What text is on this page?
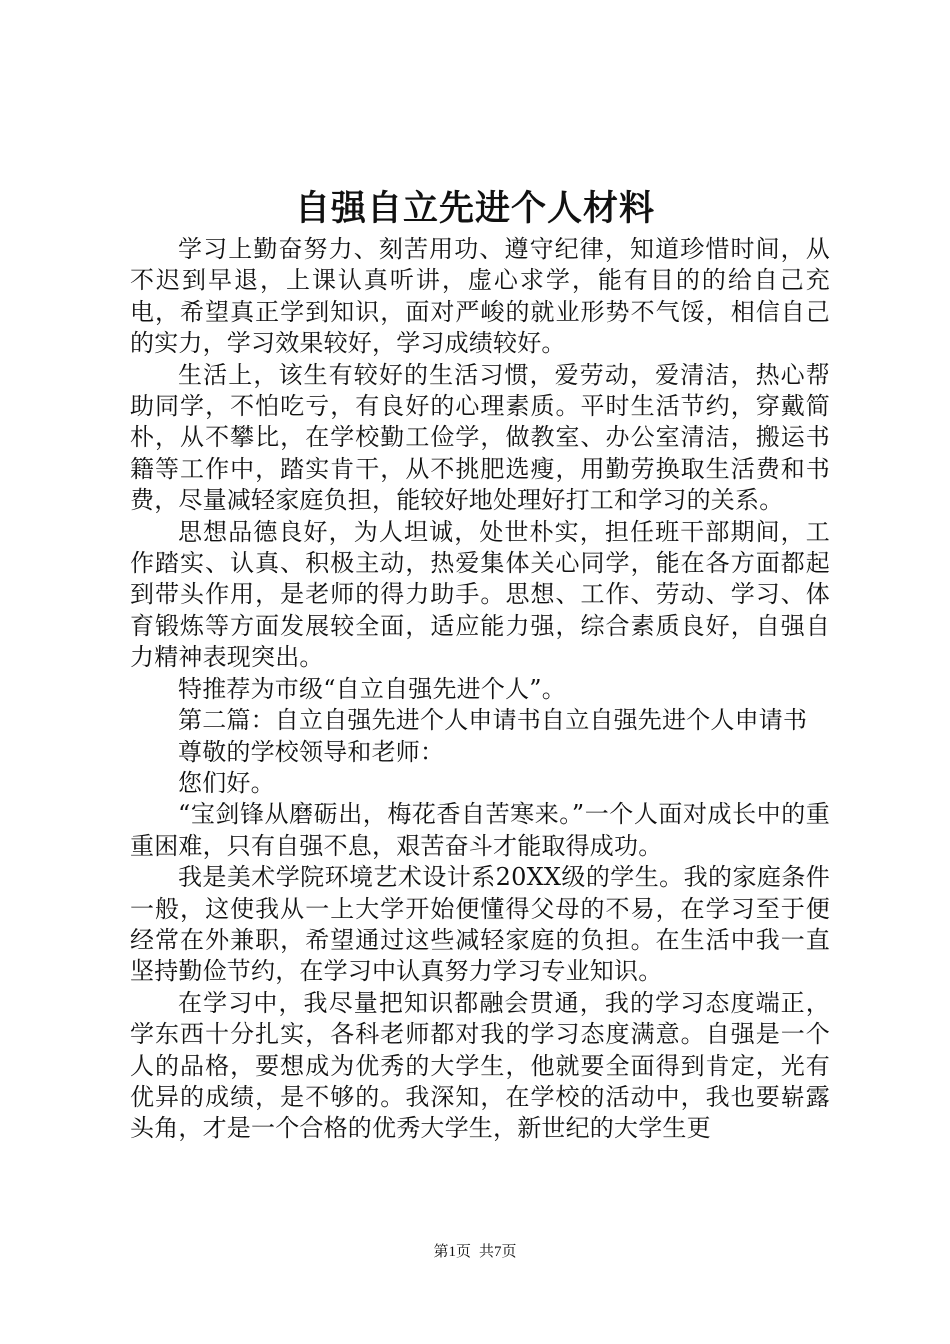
自强自立先进个人材料

学习上勤奋努力、刻苦用功、遵守纪律，知道珍惜时间，从不迟到早退，上课认真听讲，虚心求学，能有目的的给自己充电，希望真正学到知识，面对严峻的就业形势不气馁，相信自己的实力，学习效果较好，学习成绩较好。

生活上，该生有较好的生活习惯，爱劳动，爱清洁，热心帮助同学，不怕吃亏，有良好的心理素质。平时生活节约，穿戴简朴，从不攀比，在学校勤工俭学，做教室、办公室清洁，搬运书籍等工作中，踏实肯干，从不挑肥选瘦，用勤劳换取生活费和书费，尽量减轻家庭负担，能较好地处理好打工和学习的关系。

思想品德良好，为人坦诚，处世朴实，担任班干部期间，工作踏实、认真、积极主动，热爱集体关心同学，能在各方面都起到带头作用，是老师的得力助手。思想、工作、劳动、学习、体育锻炼等方面发展较全面，适应能力强，综合素质良好，自强自力精神表现突出。

特推荐为市级“自立自强先进个人”。

第二篇：自立自强先进个人申请书自立自强先进个人申请书

尊敬的学校领导和老师：

您们好。

“宝剑锋从磨砺出，梅花香自苦寒来。”一个人面对成长中的重重困难，只有自强不息，艰苦奋斗才能取得成功。

我是美术学院环境艺术设计系20XX级的学生。我的家庭条件一般，这使我从一上大学开始便懂得父母的不易，在学习至于便经常在外兼职，希望通过这些减轻家庭的负担。在生活中我一直坚持勤俭节约，在学习中认真努力学习专业知识。

在学习中，我尽量把知识都融会贯通，我的学习态度端正，学东西十分扎实，各科老师都对我的学习态度满意。自强是一个人的品格，要想成为优秀的大学生，他就要全面得到肯定，光有优异的成绩，是不够的。我深知，在学校的活动中，我也要崭露头角，才是一个合格的优秀大学生，新世纪的大学生更

第1页 共7页
